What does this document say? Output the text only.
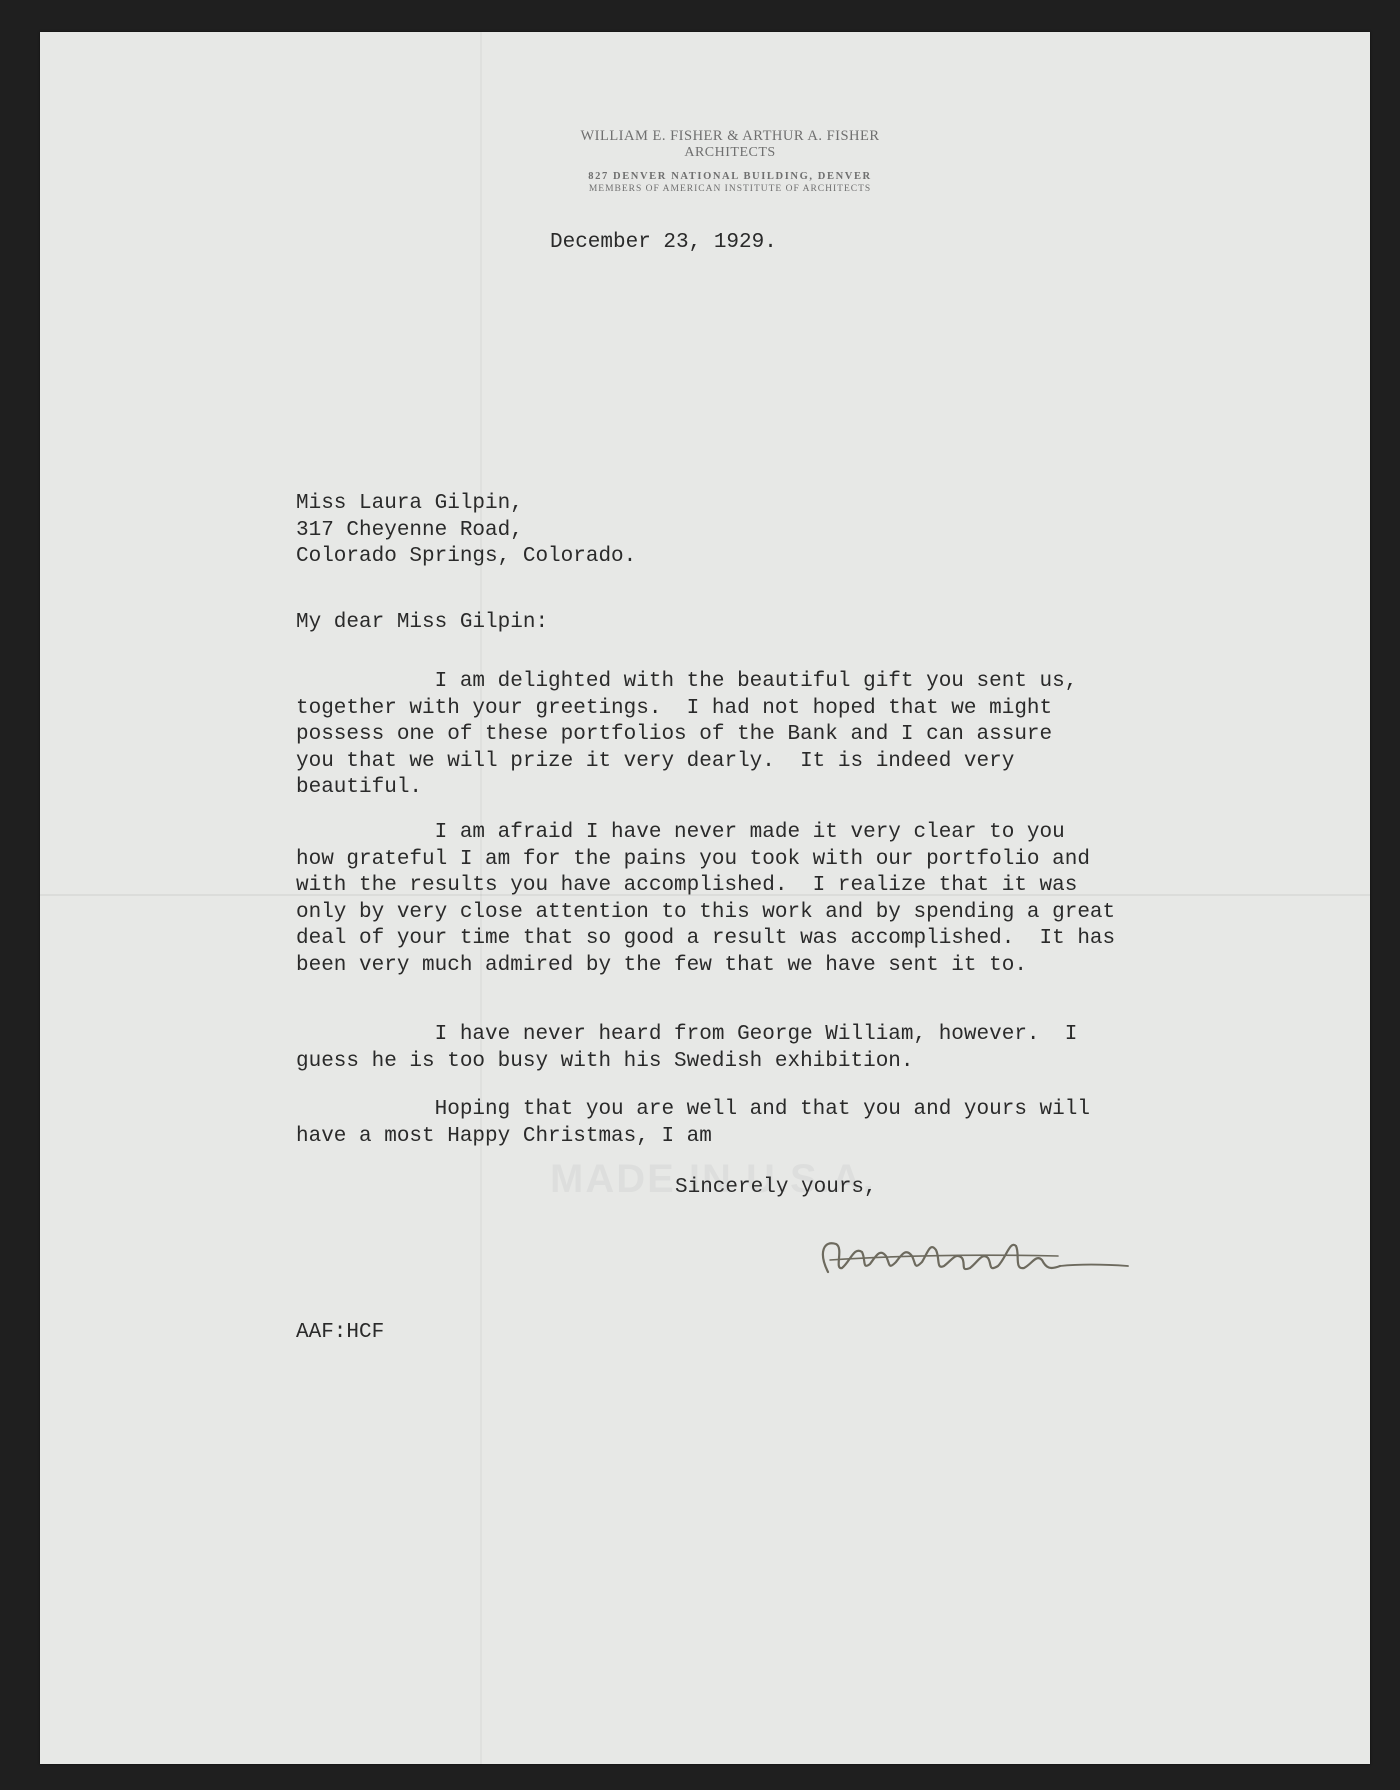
WILLIAM E. FISHER & ARTHUR A. FISHER
ARCHITECTS
827 DENVER NATIONAL BUILDING, DENVER
MEMBERS OF AMERICAN INSTITUTE OF ARCHITECTS
December 23, 1929.
Miss Laura Gilpin,
317 Cheyenne Road,
Colorado Springs, Colorado.
My dear Miss Gilpin:
I am delighted with the beautiful gift you sent us,
together with your greetings.  I had not hoped that we might
possess one of these portfolios of the Bank and I can assure
you that we will prize it very dearly.  It is indeed very
beautiful.
I am afraid I have never made it very clear to you
how grateful I am for the pains you took with our portfolio and
with the results you have accomplished.  I realize that it was
only by very close attention to this work and by spending a great
deal of your time that so good a result was accomplished.  It has
been very much admired by the few that we have sent it to.
I have never heard from George William, however.  I
guess he is too busy with his Swedish exhibition.
Hoping that you are well and that you and yours will
have a most Happy Christmas, I am
Sincerely yours,
AAF:HCF
